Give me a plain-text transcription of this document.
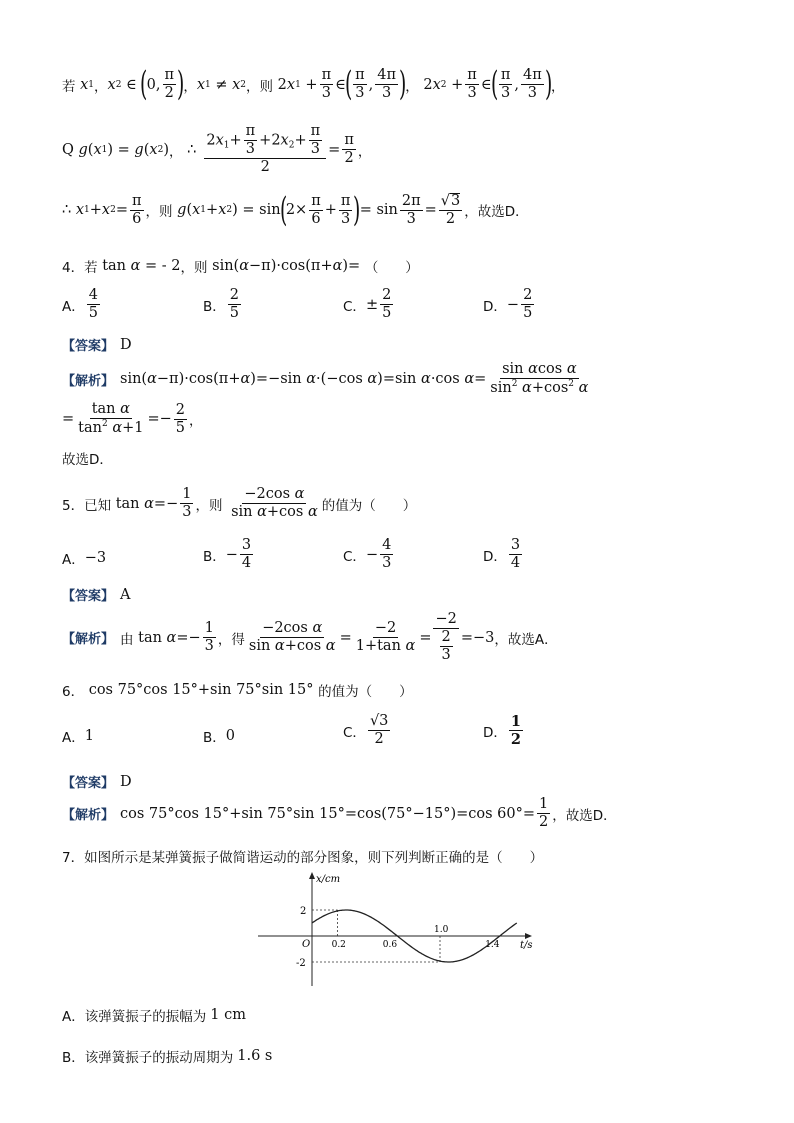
若 x 1 ， x 2 ∈
(
0, $\frac{\pi}{2}$ )
， x 1 ≠ x 2 ， 则 2 x $1 + \frac{\pi}{3}$ ∈
( $\frac{\pi}{3}$ , $\frac{4\pi}{3}$ )
， 2 x $2 + \frac{\pi}{3}$ ∈
( $\frac{\pi}{3}$ , $\frac{4\pi}{3}$ )
，
Q
g ( x 1 ) = g ( x 2 ) ，
∴ $\frac{2x_1+ \frac{\pi}{3} +2x_2+ \frac{\pi}{3}}{2} = \frac{\pi}{2}$ ，
∴
x 1 + x $2 = \frac{\pi}{6}$ ， 则
g ( x 1 + x 2 ) = sin
(
$2\times \frac{\pi}{6} + \frac{\pi}{3}$ )
= $\sin \frac{2\pi}{3} = \frac{√3}{2}$ ，故选D．
4．若 tan α = - 2 ， 则 sin( α −π)·cos(π+ α )= （　　）
A． $\frac{4}{5}$	B． $\frac{2}{5}$	C． ± $\frac{2}{5}$	D． − $\frac{2}{5}$
【答案】 D
【解析】 sin( α −π)·cos(π+ α )=−sin α ·(−cos α )=sin α ·cos $\alpha = \frac{\text{sin αcos α}}{\sin^2 \alpha+\cos^2 \alpha}$
= $\frac{\text{tan α}}{\tan^2 \alpha+1} =- \frac{2}{5}$ ，
故选D．
5．已知 $\tan \alpha =- \frac{1}{3}$ ， 则
$\frac{\text{−2cos α}}{\text{sin α+cos α}}$ 的值为 （　　）
A． −3	B． − $\frac{3}{4}$	C． − $\frac{4}{3}$	D． $\frac{3}{4}$
【答案】 A
【解析】 由 $\tan \alpha =- \frac{1}{3}$ ， 得 $\frac{\text{−2cos α}}{\text{sin α+cos α}} = \frac{-2}{\text{1+tan α}} = \frac{-2}{\frac{2}{3}} =-3$ ，故选A．
6． cos 75°cos 15°+sin 75°sin 15° 的值为（　　）
A． 1	B． 0	C． $\frac{√3}{2}$	D． $\frac{1}{2}$
【答案】 D
【解析】 cos 75°cos 15°+sin 75°sin 15°=cos(75°−15°)=cos $60^\circ= \frac{1}{2}$ ，故选D．
7．如图所示是某弹簧振子做简谐运动的部分图象，则下列判断正确的是（　　）
x/cm
t/s
O 0.2	0.6
1.0
1.4
2
-2
A．该弹簧振子的振幅为 1 cm
B．该弹簧振子的振动周期为 1.6 s
